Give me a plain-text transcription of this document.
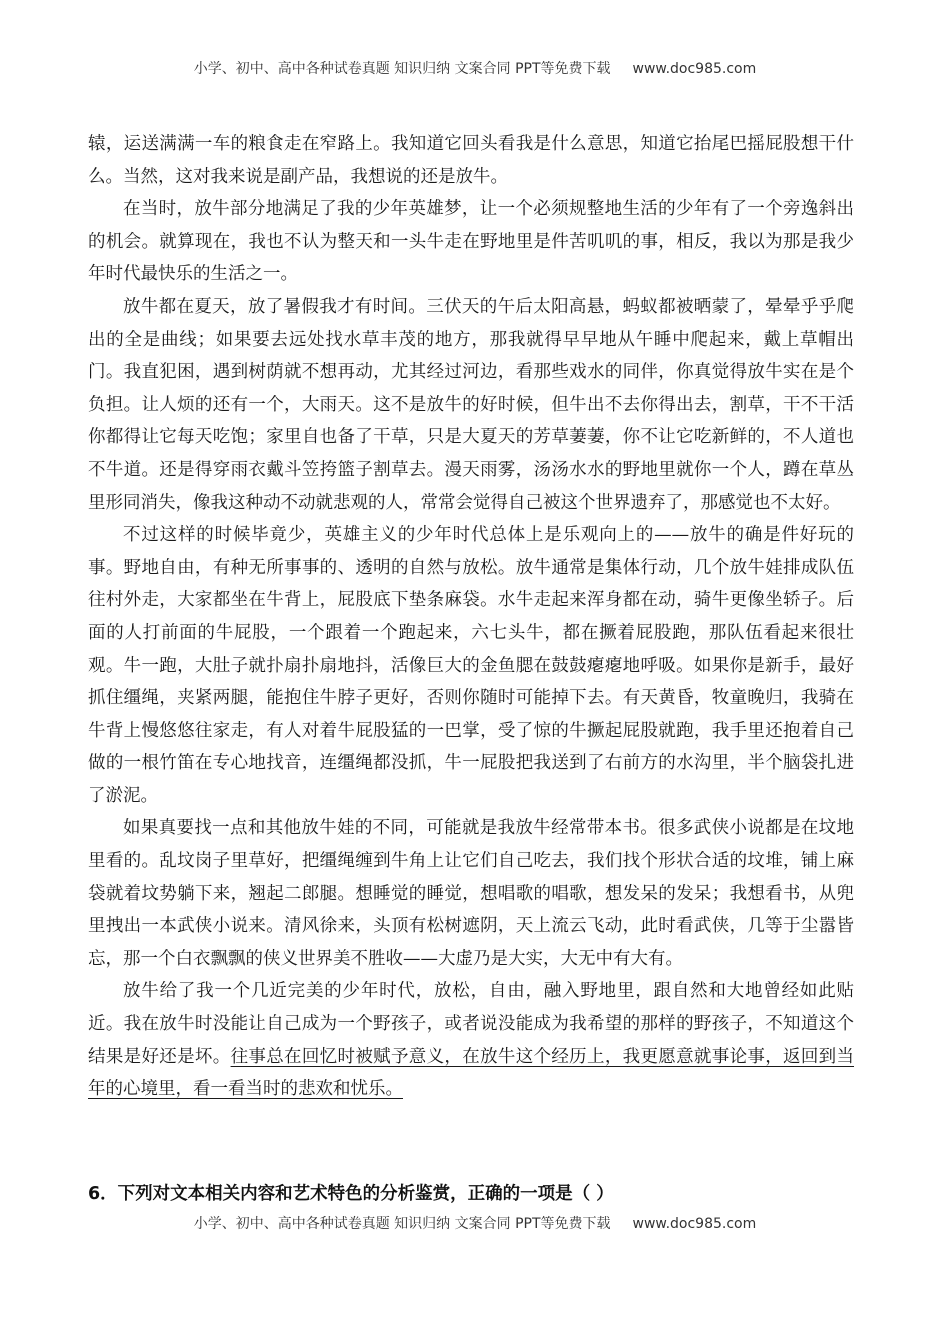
小学、初中、高中各种试卷真题 知识归纳 文案合同 PPT等免费下载 www.doc985.com

辕，运送满满一车的粮食走在窄路上。我知道它回头看我是什么意思，知道它抬尾巴摇屁股想干什么。当然，这对我来说是副产品，我想说的还是放牛。

在当时，放牛部分地满足了我的少年英雄梦，让一个必须规整地生活的少年有了一个旁逸斜出的机会。就算现在，我也不认为整天和一头牛走在野地里是件苦叽叽的事，相反，我以为那是我少年时代最快乐的生活之一。

放牛都在夏天，放了暑假我才有时间。三伏天的午后太阳高悬，蚂蚁都被晒蒙了，晕晕乎乎爬出的全是曲线；如果要去远处找水草丰茂的地方，那我就得早早地从午睡中爬起来，戴上草帽出门。我直犯困，遇到树荫就不想再动，尤其经过河边，看那些戏水的同伴，你真觉得放牛实在是个负担。让人烦的还有一个，大雨天。这不是放牛的好时候，但牛出不去你得出去，割草，干不干活你都得让它每天吃饱；家里自也备了干草，只是大夏天的芳草萋萋，你不让它吃新鲜的，不人道也不牛道。还是得穿雨衣戴斗笠挎篮子割草去。漫天雨雾，汤汤水水的野地里就你一个人，蹲在草丛里形同消失，像我这种动不动就悲观的人，常常会觉得自己被这个世界遗弃了，那感觉也不太好。

不过这样的时候毕竟少，英雄主义的少年时代总体上是乐观向上的——放牛的确是件好玩的事。野地自由，有种无所事事的、透明的自然与放松。放牛通常是集体行动，几个放牛娃排成队伍往村外走，大家都坐在牛背上，屁股底下垫条麻袋。水牛走起来浑身都在动，骑牛更像坐轿子。后面的人打前面的牛屁股，一个跟着一个跑起来，六七头牛，都在撅着屁股跑，那队伍看起来很壮观。牛一跑，大肚子就扑扇扑扇地抖，活像巨大的金鱼腮在鼓鼓瘪瘪地呼吸。如果你是新手，最好抓住缰绳，夹紧两腿，能抱住牛脖子更好，否则你随时可能掉下去。有天黄昏，牧童晚归，我骑在牛背上慢悠悠往家走，有人对着牛屁股猛的一巴掌，受了惊的牛撅起屁股就跑，我手里还抱着自己做的一根竹笛在专心地找音，连缰绳都没抓，牛一屁股把我送到了右前方的水沟里，半个脑袋扎进了淤泥。

如果真要找一点和其他放牛娃的不同，可能就是我放牛经常带本书。很多武侠小说都是在坟地里看的。乱坟岗子里草好，把缰绳缠到牛角上让它们自己吃去，我们找个形状合适的坟堆，铺上麻袋就着坟势躺下来，翘起二郎腿。想睡觉的睡觉，想唱歌的唱歌，想发呆的发呆；我想看书，从兜里拽出一本武侠小说来。清风徐来，头顶有松树遮阴，天上流云飞动，此时看武侠，几等于尘嚣皆忘，那一个白衣飘飘的侠义世界美不胜收——大虚乃是大实，大无中有大有。

放牛给了我一个几近完美的少年时代，放松，自由，融入野地里，跟自然和大地曾经如此贴近。我在放牛时没能让自己成为一个野孩子，或者说没能成为我希望的那样的野孩子，不知道这个结果是好还是坏。往事总在回忆时被赋予意义，在放牛这个经历上，我更愿意就事论事，返回到当年的心境里，看一看当时的悲欢和忧乐。

6．下列对文本相关内容和艺术特色的分析鉴赏，正确的一项是（ ）
小学、初中、高中各种试卷真题 知识归纳 文案合同 PPT等免费下载 www.doc985.com
